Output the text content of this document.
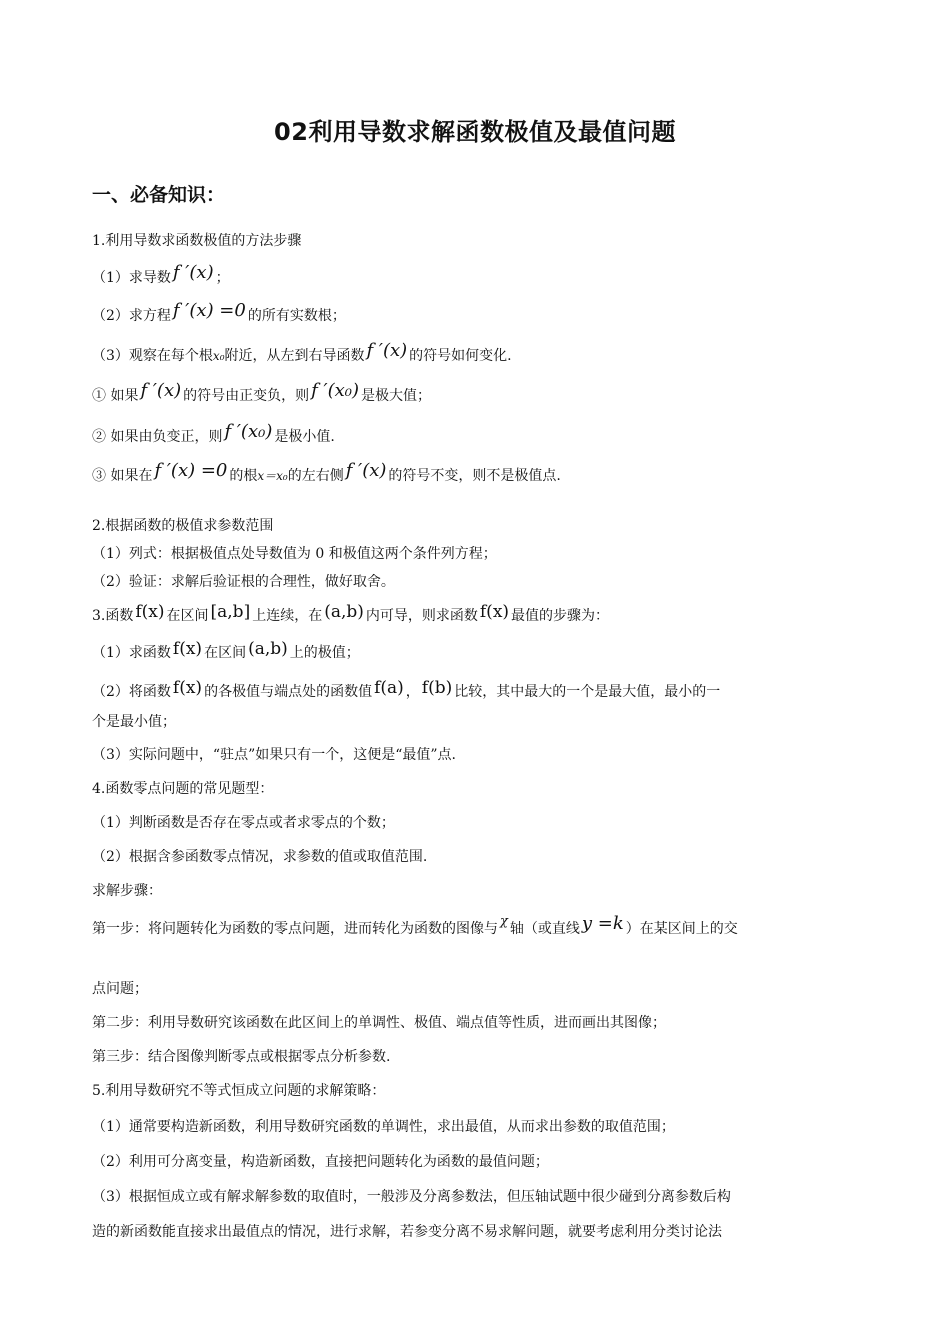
02利用导数求解函数极值及最值问题
一、必备知识：
1.利用导数求函数极值的方法步骤
（1）求导数 f ′(x) ；
（2）求方程 f ′(x) =0 的所有实数根；
（3）观察在每个根x₀附近，从左到右导函数 f ′(x) 的符号如何变化.
① 如果 f ′(x) 的符号由正变负，则 f ′(x₀) 是极大值；
② 如果由负变正，则 f ′(x₀) 是极小值.
③ 如果在 f ′(x) =0 的根x＝x₀的左右侧 f ′(x) 的符号不变，则不是极值点.
2.根据函数的极值求参数范围
（1）列式：根据极值点处导数值为 0 和极值这两个条件列方程；
（2）验证：求解后验证根的合理性，做好取舍。
3.函数 f(x) 在区间 [a,b] 上连续，在 (a,b) 内可导，则求函数 f(x) 最值的步骤为：
（1）求函数 f(x) 在区间 (a,b) 上的极值；
（2）将函数 f(x) 的各极值与端点处的函数值 f(a) ， f(b) 比较，其中最大的一个是最大值，最小的一
个是最小值；
（3）实际问题中，“驻点”如果只有一个，这便是“最值”点.
4.函数零点问题的常见题型：
（1）判断函数是否存在零点或者求零点的个数；
（2）根据含参函数零点情况，求参数的值或取值范围.
求解步骤：
第一步：将问题转化为函数的零点问题，进而转化为函数的图像与 χ 轴（或直线 y =k ）在某区间上的交
点问题；
第二步：利用导数研究该函数在此区间上的单调性、极值、端点值等性质，进而画出其图像；
第三步：结合图像判断零点或根据零点分析参数.
5.利用导数研究不等式恒成立问题的求解策略：
（1）通常要构造新函数，利用导数研究函数的单调性，求出最值，从而求出参数的取值范围；
（2）利用可分离变量，构造新函数，直接把问题转化为函数的最值问题；
（3）根据恒成立或有解求解参数的取值时，一般涉及分离参数法，但压轴试题中很少碰到分离参数后构
造的新函数能直接求出最值点的情况，进行求解，若参变分离不易求解问题，就要考虑利用分类讨论法
